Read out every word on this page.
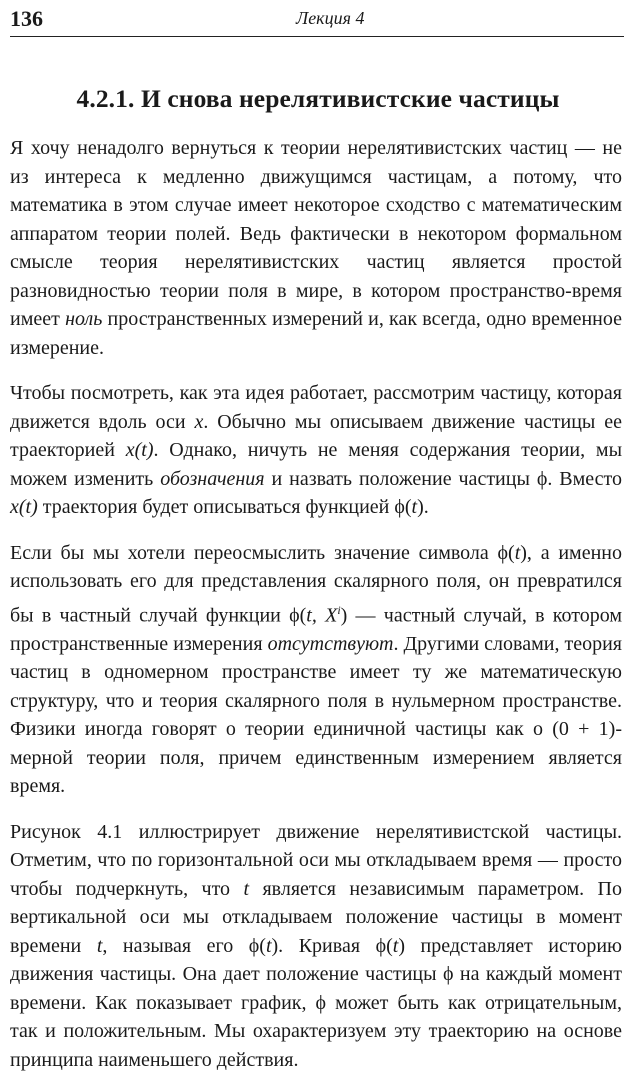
136	Лекция 4
4.2.1. И снова нерелятивистские частицы

Я хочу ненадолго вернуться к теории нерелятивистских частиц — не из интереса к медленно движущимся частицам, а потому, что математика в этом случае имеет некоторое сходство с математическим аппаратом теории полей. Ведь фактически в некотором формальном смысле теория нерелятивистских частиц является простой разновидностью теории поля в мире, в котором пространство-время имеет ноль пространственных измерений и, как всегда, одно временное измерение.

Чтобы посмотреть, как эта идея работает, рассмотрим частицу, которая движется вдоль оси x. Обычно мы описываем движение частицы ее траекторией x(t). Однако, ничуть не меняя содержания теории, мы можем изменить обозначения и назвать положение частицы ϕ. Вместо x(t) траектория будет описываться функцией ϕ(t).

Если бы мы хотели переосмыслить значение символа ϕ(t), а именно использовать его для представления скалярного поля, он превратился бы в частный случай функции ϕ(t, $X^i$) — частный случай, в котором пространственные измерения отсутствуют. Другими словами, теория частиц в одномерном пространстве имеет ту же математическую структуру, что и теория скалярного поля в нульмерном пространстве. Физики иногда говорят о теории единичной частицы как о (0 + 1)-мерной теории поля, причем единственным измерением является время.

Рисунок 4.1 иллюстрирует движение нерелятивистской частицы. Отметим, что по горизонтальной оси мы откладываем время — просто чтобы подчеркнуть, что t является независимым параметром. По вертикальной оси мы откладываем положение частицы в момент времени t, называя его ϕ(t). Кривая ϕ(t) представляет историю движения частицы. Она дает положение частицы ϕ на каждый момент времени. Как показывает график, ϕ может быть как отрицательным, так и положительным. Мы охарактеризуем эту траекторию на основе принципа наименьшего действия.
